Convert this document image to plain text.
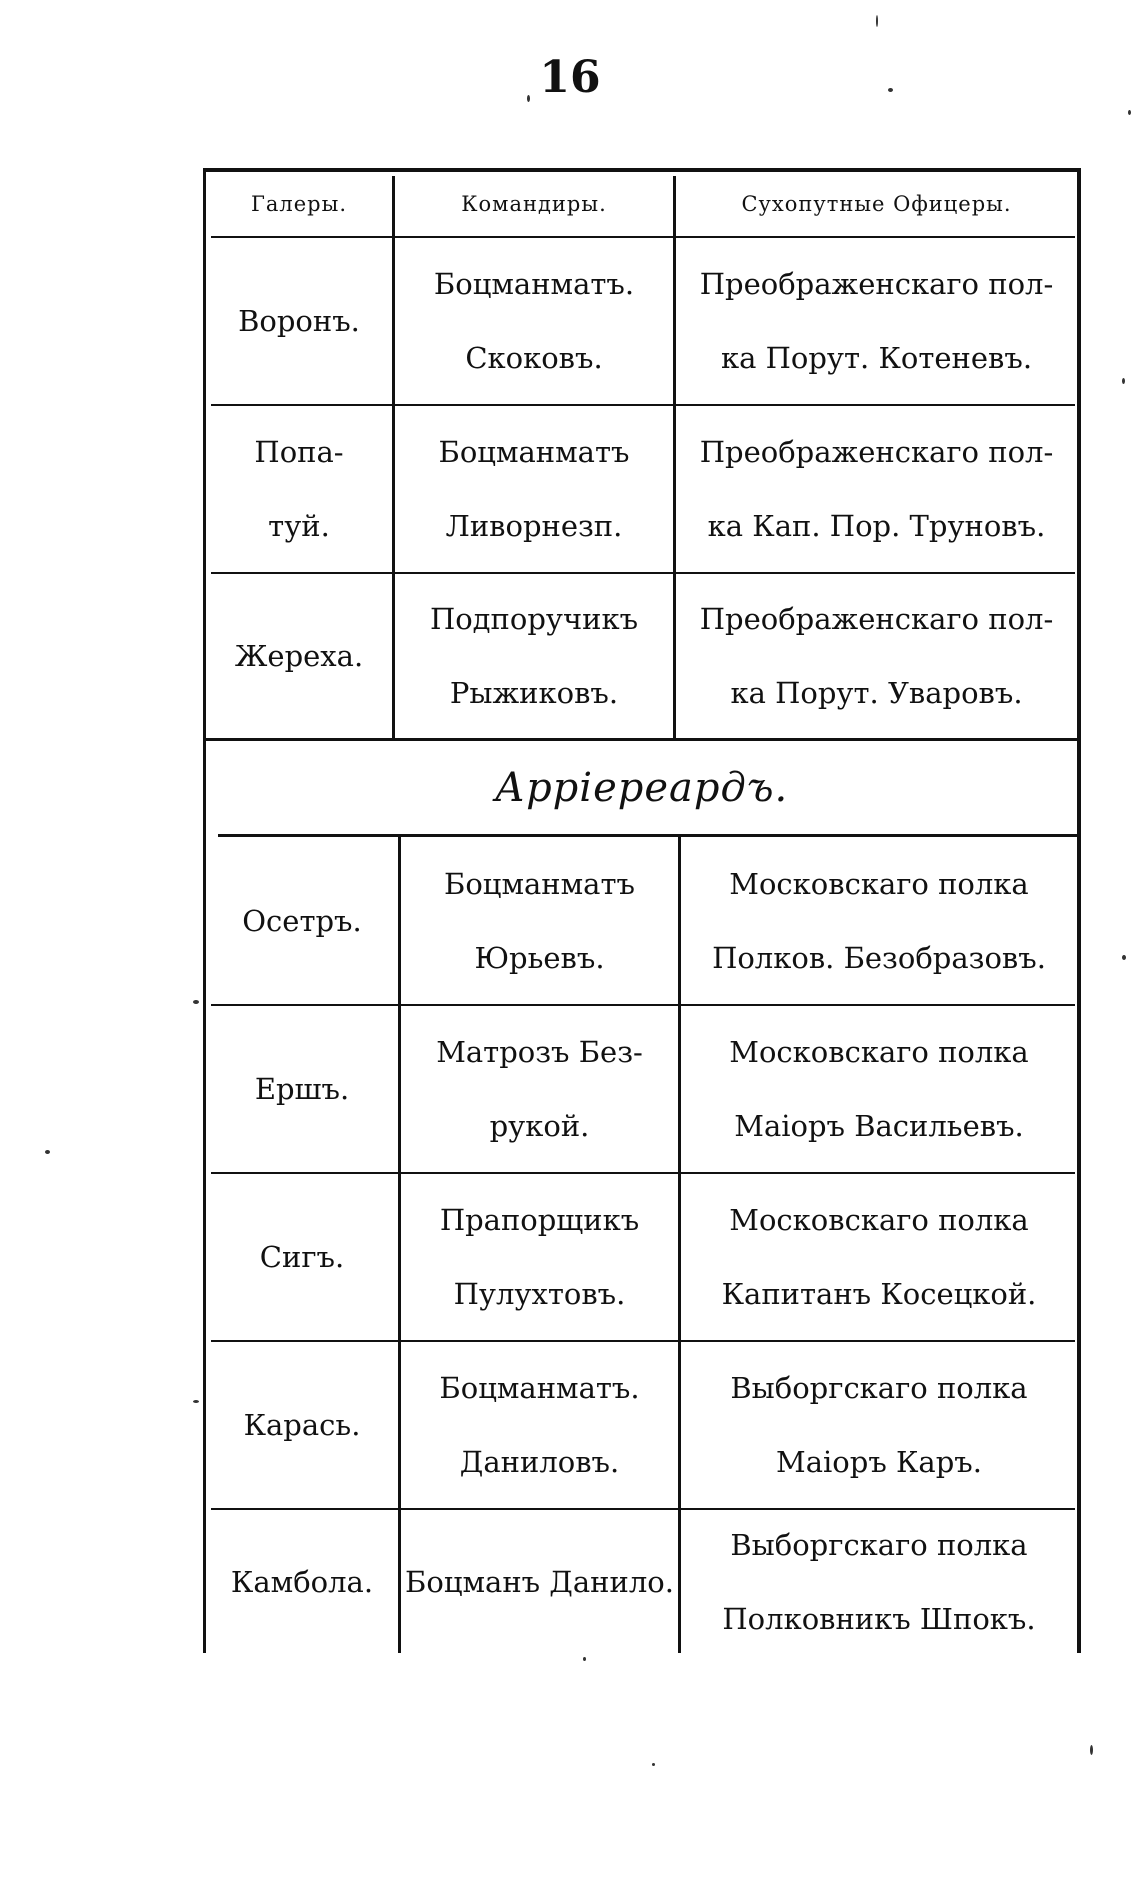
16
Галеры.	Командиры.	Сухопутные Офицеры.
Воронъ.
Боцманматъ.
Скоковъ.
Преображенскаго пол-
ка Порут. Котеневъ.
Попа-
туй.
Боцманматъ
Ливорнезп.
Преображенскаго пол-
ка Кап. Пор. Труновъ.
Жереха.
Подпоручикъ
Рыжиковъ.
Преображенскаго пол-
ка Порут. Уваровъ.
Арріереардъ.
Осетръ.
Боцманматъ
Юрьевъ.
Московскаго полка
Полков. Безобразовъ.
Ершъ.
Матрозъ Без-
рукой.
Московскаго полка
Маіоръ Васильевъ.
Сигъ.
Прапорщикъ
Пулухтовъ.
Московскаго полка
Капитанъ Косецкой.
Карась.
Боцманматъ.
Даниловъ.
Выборгскаго полка
Маіоръ Каръ.
Камбола. Боцманъ Данило.
Выборгскаго полка
Полковникъ Шпокъ.
